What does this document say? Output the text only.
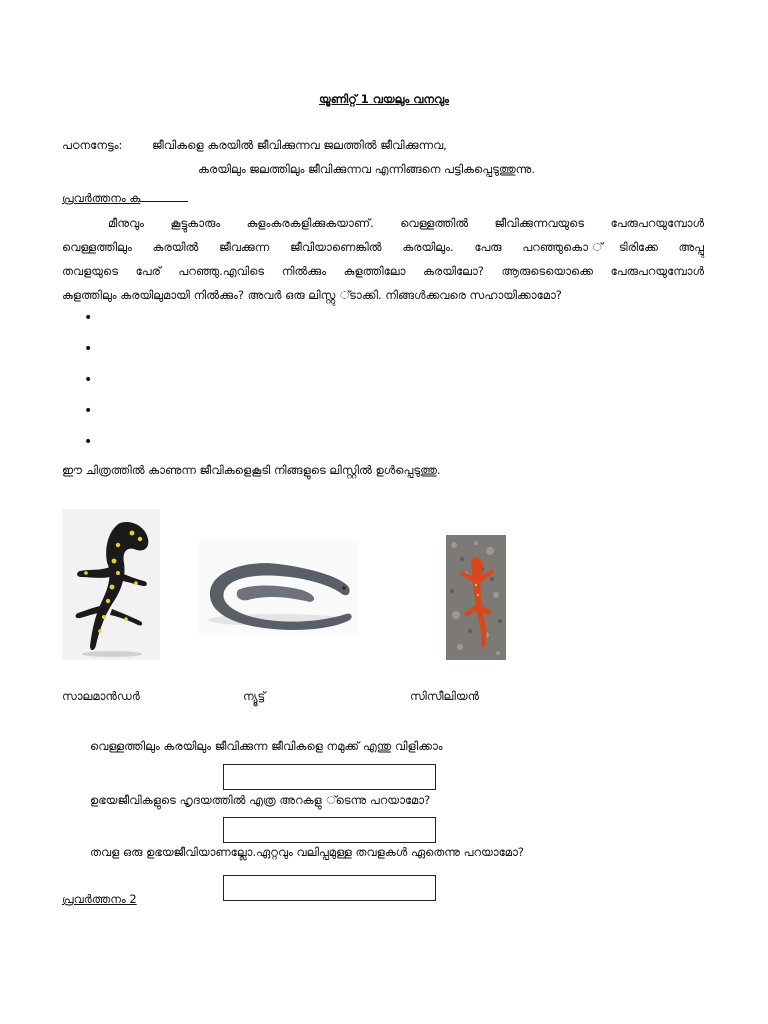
യൂണിറ്റ് 1 വയലും വനവും
പഠനനേട്ടം:	ജീവികളെ കരയിൽ ജീവിക്കുന്നവ ജലത്തിൽ ജീവിക്കുന്നവ,
കരയിലും ജലത്തിലും ജീവിക്കുന്നവ എന്നിങ്ങനെ പട്ടികപ്പെടുത്തുന്നു.
പ്രവർത്തനം ക
മീനുവും കൂട്ടുകാരും കുളംകരകളിക്കുകയാണ്. വെള്ളത്തിൽ ജീവിക്കുന്നവയുടെ പേരുപറയുമ്പോൾ
വെള്ളത്തിലും കരയിൽ ജീവക്കുന്ന ജീവിയാണെങ്കിൽ കരയിലും. പേരു പറഞ്ഞുകൊ ്ടിരിക്കേ അപ്പു
തവളയുടെ പേര് പറഞ്ഞു.എവിടെ നിൽക്കും കുളത്തിലോ കരയിലോ? ആരുടെയൊക്കെ പേരുപറയുമ്പോൾ
കുളത്തിലും കരയിലുമായി നിൽക്കും? അവർ ഒരു ലിസ്റ്റു ്ടാക്കി. നിങ്ങൾക്കവരെ സഹായിക്കാമോ?
•
•
•
•
•
ഈ ചിത്രത്തിൽ കാണുന്ന ജീവികളെകൂടി നിങ്ങളുടെ ലിസ്റ്റിൽ ഉൾപ്പെടുത്തു.
സാലമാൻഡർ	ന്യൂട്ട്	സിസീലിയൻ
വെള്ളത്തിലും കരയിലും ജീവിക്കുന്ന ജീവികളെ നമുക്ക് എന്തു വിളിക്കാം
ഉഭയജീവികളുടെ ഹൃദയത്തിൽ എത്ര അറകളു ്ടെന്നു പറയാമോ?
തവള ഒരു ഉഭയജീവിയാണല്ലോ.ഏറ്റവും വലിപ്പമുള്ള തവളകൾ ഏതെന്നു പറയാമോ?
പ്രവർത്തനം 2
